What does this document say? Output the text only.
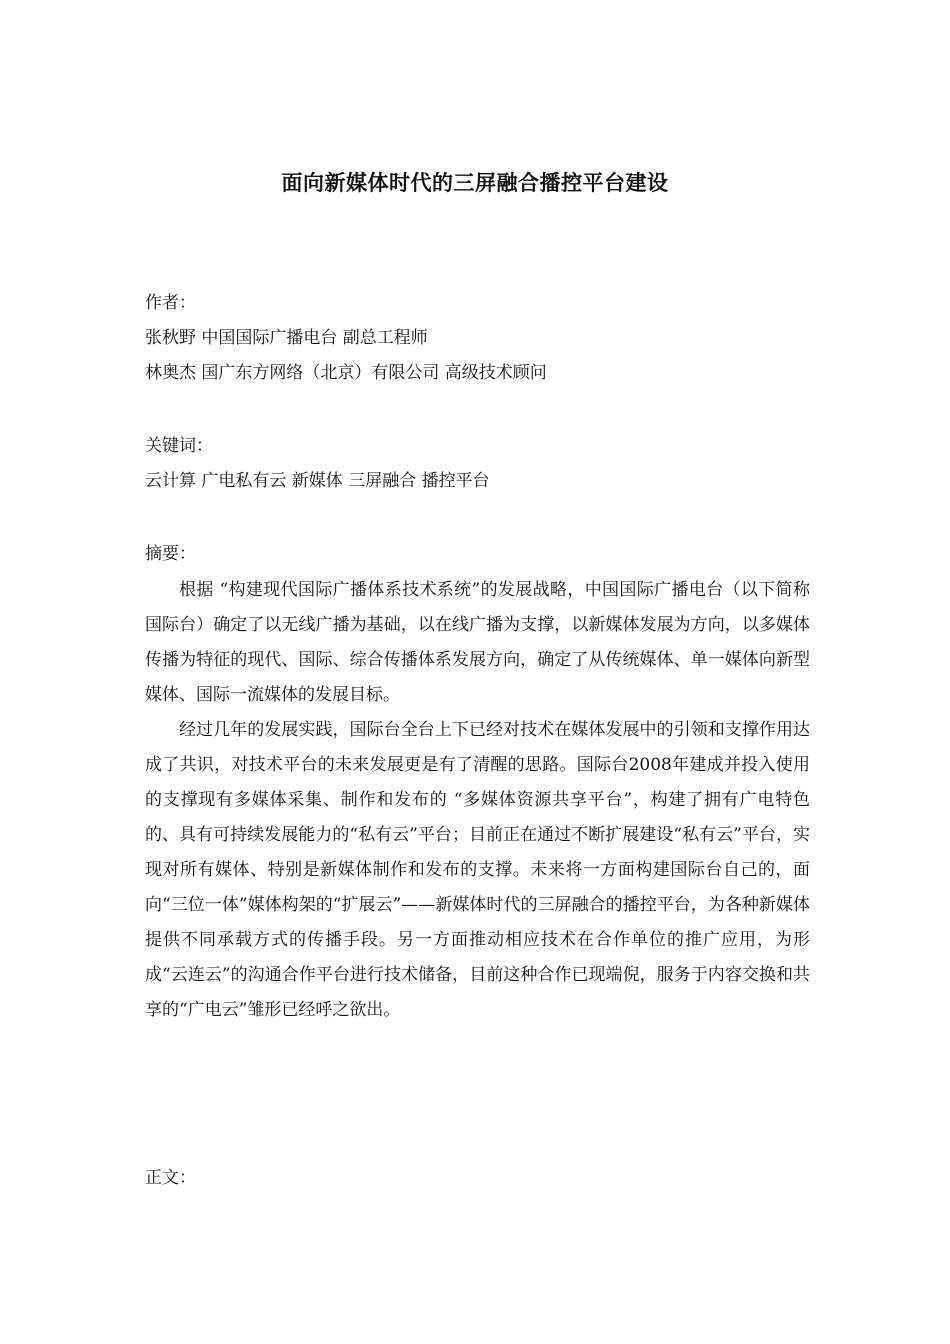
面向新媒体时代的三屏融合播控平台建设
作者：
张秋野 中国国际广播电台 副总工程师
林奥杰 国广东方网络（北京）有限公司 高级技术顾问
关键词：
云计算 广电私有云 新媒体 三屏融合 播控平台
摘要：

根据 “构建现代国际广播体系技术系统”的发展战略，中国国际广播电台（以下简称国际台）确定了以无线广播为基础，以在线广播为支撑，以新媒体发展为方向，以多媒体传播为特征的现代、国际、综合传播体系发展方向，确定了从传统媒体、单一媒体向新型媒体、国际一流媒体的发展目标。

经过几年的发展实践，国际台全台上下已经对技术在媒体发展中的引领和支撑作用达成了共识，对技术平台的未来发展更是有了清醒的思路。国际台2008年建成并投入使用的支撑现有多媒体采集、制作和发布的 “多媒体资源共享平台”，构建了拥有广电特色的、具有可持续发展能力的“私有云”平台；目前正在通过不断扩展建设“私有云”平台，实现对所有媒体、特别是新媒体制作和发布的支撑。未来将一方面构建国际台自己的，面向“三位一体”媒体构架的“扩展云”——新媒体时代的三屏融合的播控平台，为各种新媒体提供不同承载方式的传播手段。另一方面推动相应技术在合作单位的推广应用，为形成“云连云”的沟通合作平台进行技术储备，目前这种合作已现端倪，服务于内容交换和共享的“广电云”雏形已经呼之欲出。

正文：
